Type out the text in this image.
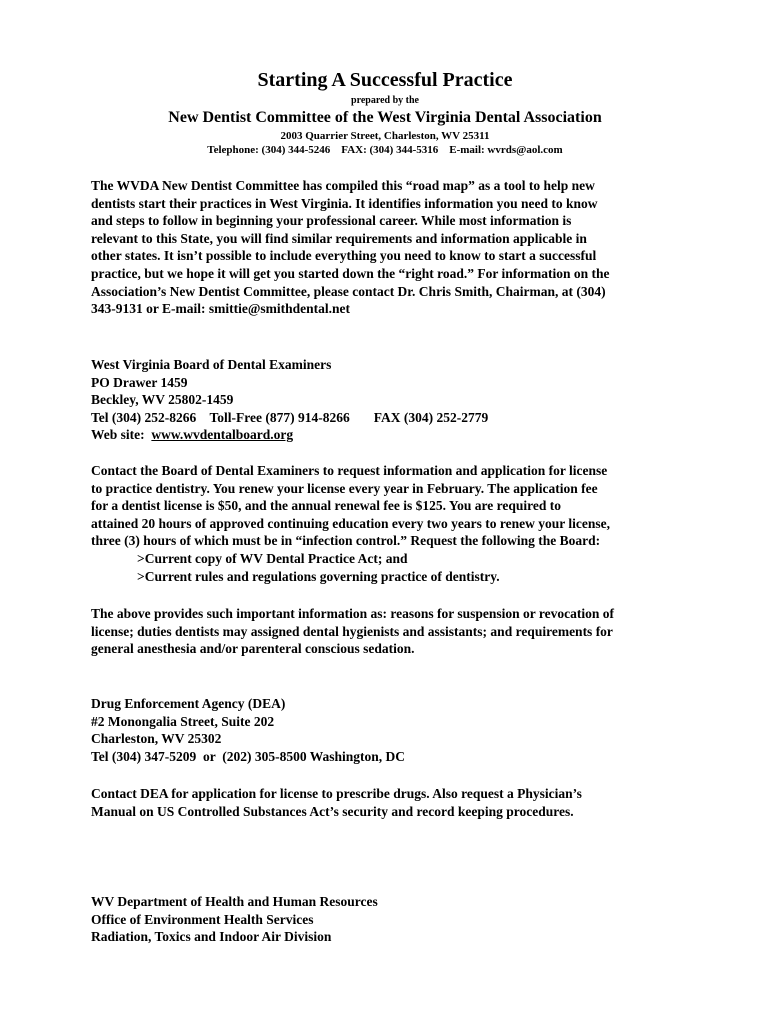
Starting A Successful Practice
prepared by the
New Dentist Committee of the West Virginia Dental Association
2003 Quarrier Street, Charleston, WV 25311
Telephone: (304) 344-5246    FAX: (304) 344-5316    E-mail: wvrds@aol.com
The WVDA New Dentist Committee has compiled this “road map” as a tool to help new
dentists start their practices in West Virginia. It identifies information you need to know
and steps to follow in beginning your professional career. While most information is
relevant to this State, you will find similar requirements and information applicable in
other states. It isn’t possible to include everything you need to know to start a successful
practice, but we hope it will get you started down the “right road.” For information on the
Association’s New Dentist Committee, please contact Dr. Chris Smith, Chairman, at (304)
343-9131 or E-mail: smittie@smithdental.net
West Virginia Board of Dental Examiners
PO Drawer 1459
Beckley, WV 25802-1459
Tel (304) 252-8266    Toll-Free (877) 914-8266 FAX (304) 252-2779
Web site:  www.wvdentalboard.org
Contact the Board of Dental Examiners to request information and application for license
to practice dentistry. You renew your license every year in February. The application fee
for a dentist license is $50, and the annual renewal fee is $125. You are required to
attained 20 hours of approved continuing education every two years to renew your license,
three (3) hours of which must be in “infection control.” Request the following the Board:
>Current copy of WV Dental Practice Act; and
>Current rules and regulations governing practice of dentistry.
The above provides such important information as: reasons for suspension or revocation of
license; duties dentists may assigned dental hygienists and assistants; and requirements for
general anesthesia and/or parenteral conscious sedation.
Drug Enforcement Agency (DEA)
#2 Monongalia Street, Suite 202
Charleston, WV 25302
Tel (304) 347-5209  or  (202) 305-8500 Washington, DC
Contact DEA for application for license to prescribe drugs. Also request a Physician’s
Manual on US Controlled Substances Act’s security and record keeping procedures.
WV Department of Health and Human Resources
Office of Environment Health Services
Radiation, Toxics and Indoor Air Division
